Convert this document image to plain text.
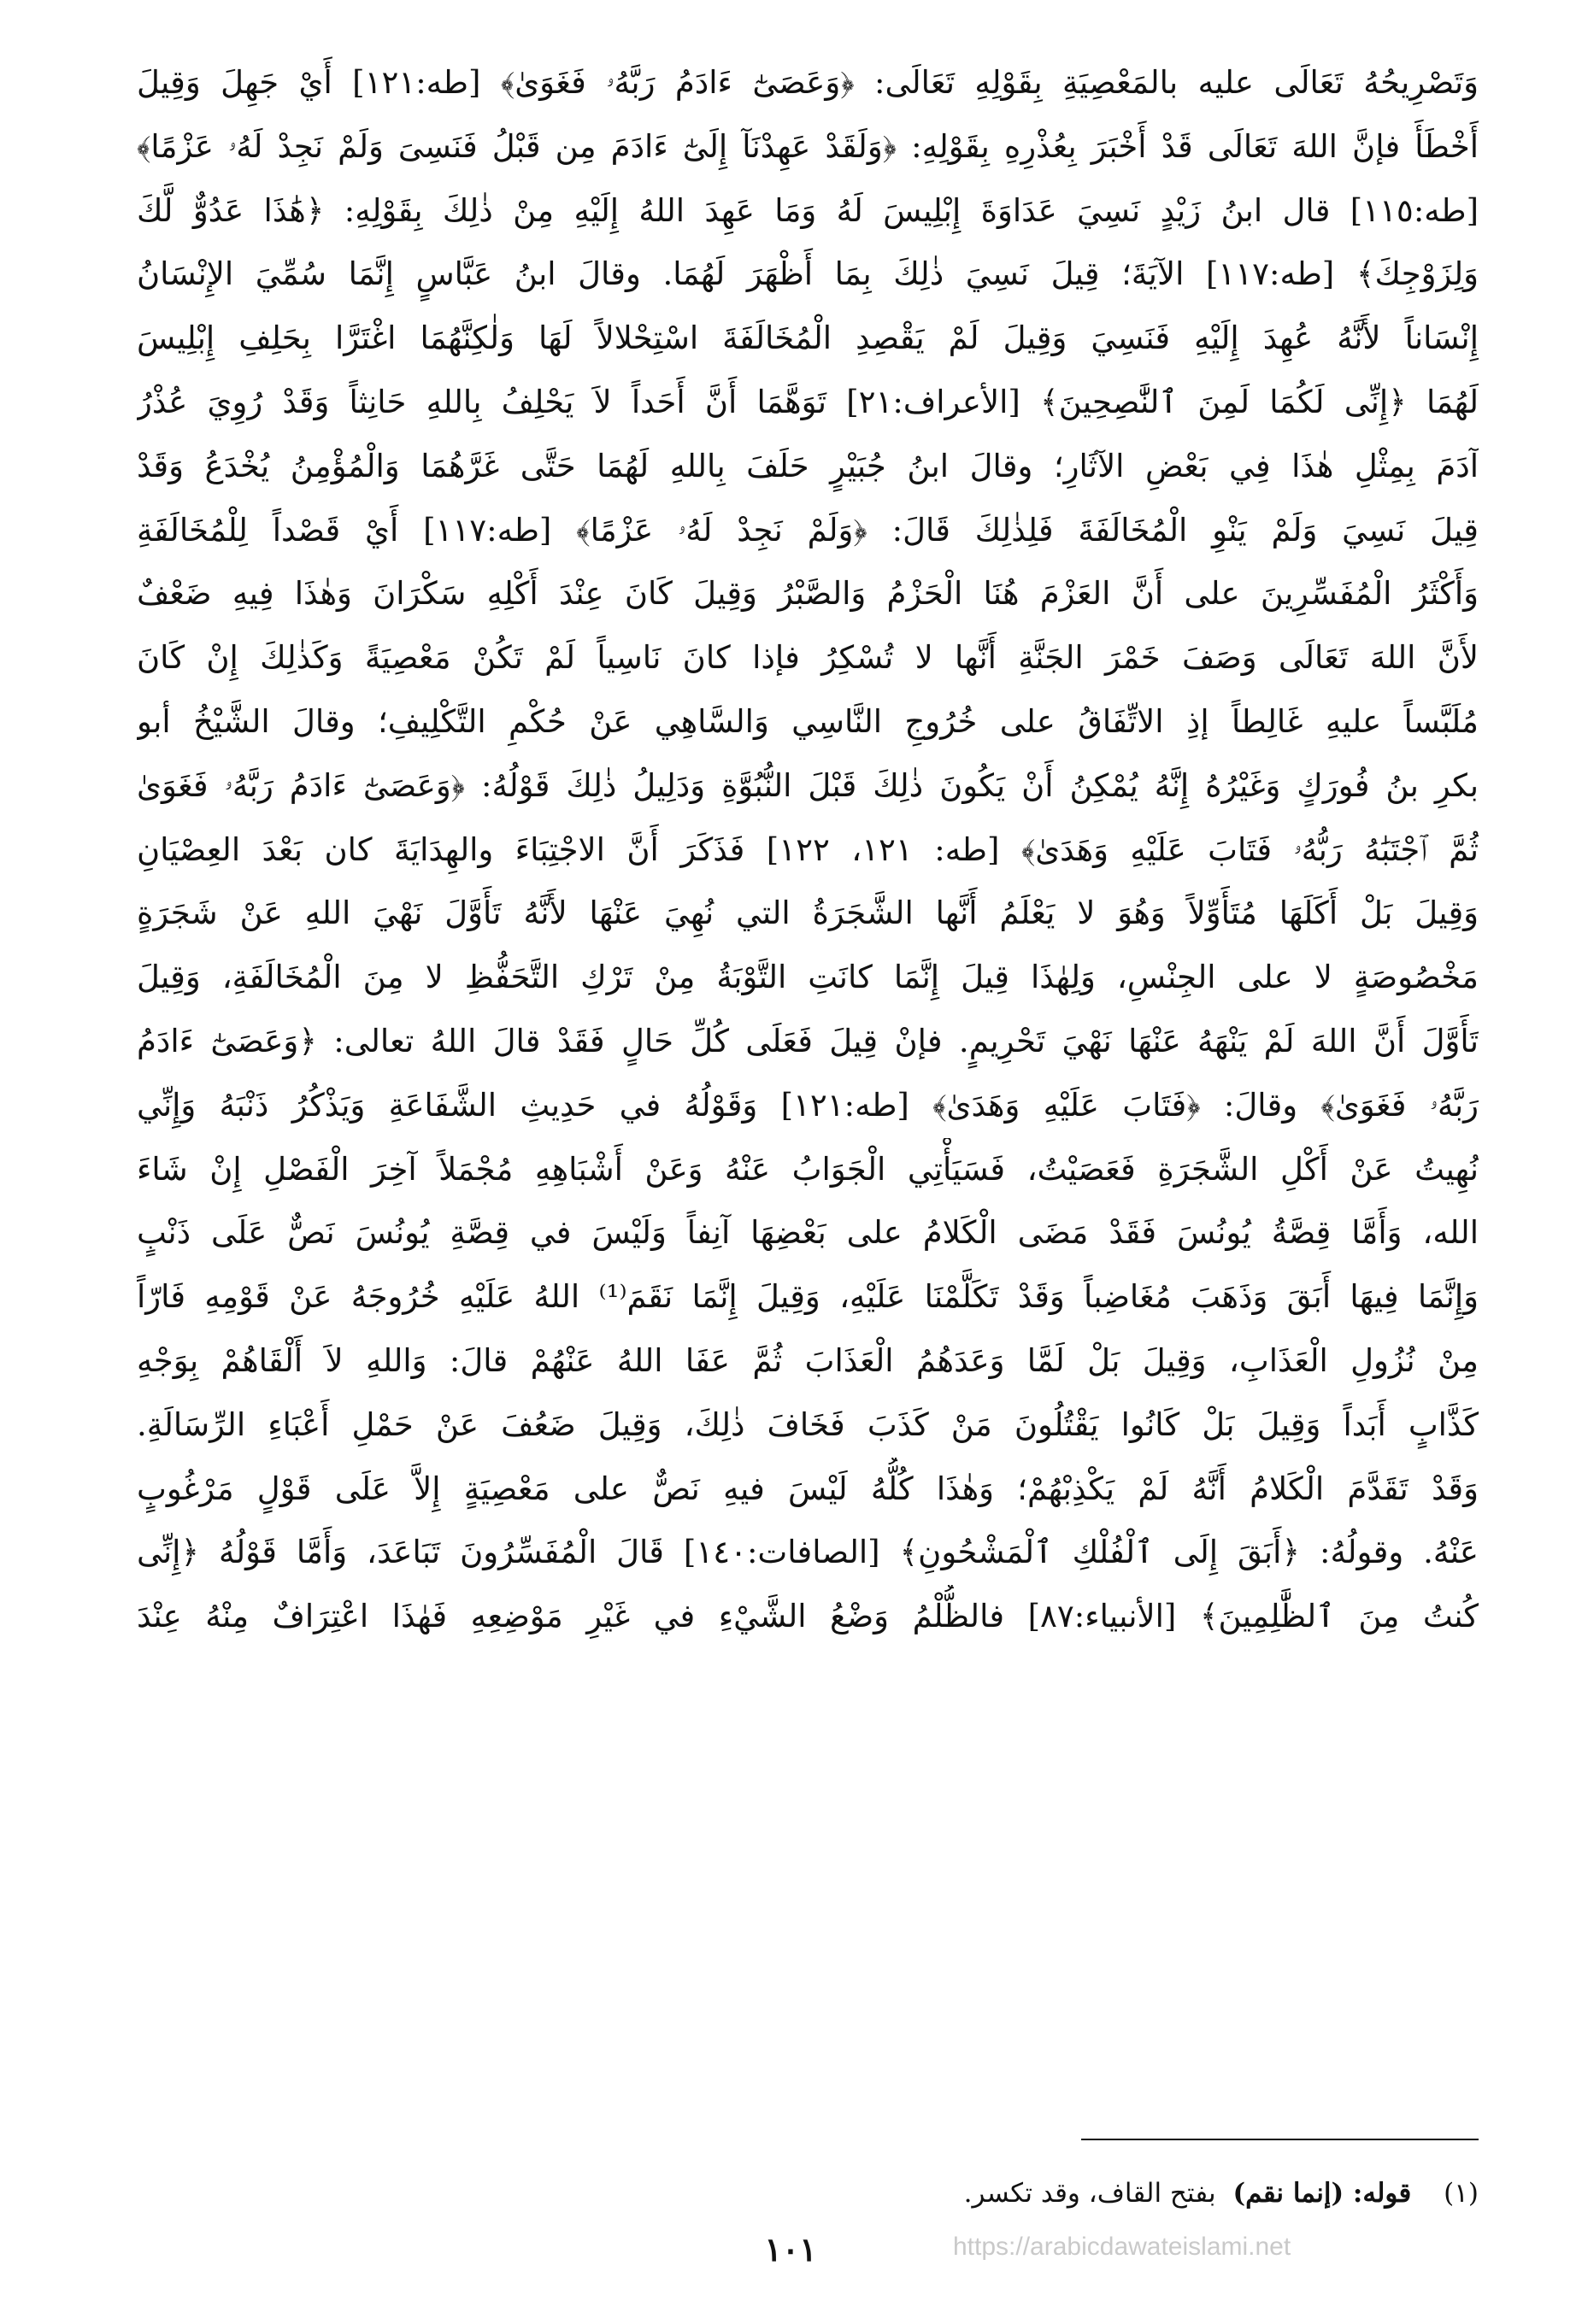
وَتَصْرِيحُهُ تَعَالَى عليه بالمَعْصِيَةِ بِقَوْلِهِ تَعَالَى: ﴿وَعَصَىٰٓ ءَادَمُ رَبَّهُۥ فَغَوَىٰ﴾ [طه:١٢١] أَيْ جَهِلَ وَقِيلَ
أَخْطَأَ فإنَّ اللهَ تَعَالَى قَدْ أَخْبَرَ بِعُذْرِهِ بِقَوْلِهِ: ﴿وَلَقَدْ عَهِدْنَآ إِلَىٰٓ ءَادَمَ مِن قَبْلُ فَنَسِىَ وَلَمْ نَجِدْ لَهُۥ عَزْمًا﴾
[طه:١١٥] قال ابنُ زَيْدٍ نَسِيَ عَدَاوَةَ إِبْلِيسَ لَهُ وَمَا عَهِدَ اللهُ إِلَيْهِ مِنْ ذٰلِكَ بِقَوْلِهِ: ﴿هَٰذَا عَدُوٌّ لَّكَ
وَلِزَوْجِكَ﴾ [طه:١١٧] الآيَةَ؛ قِيلَ نَسِيَ ذٰلِكَ بِمَا أَظْهَرَ لَهُمَا. وقالَ ابنُ عَبَّاسٍ إِنَّمَا سُمِّيَ الإِنْسَانُ
إِنْسَاناً لأَنَّهُ عُهِدَ إِلَيْهِ فَنَسِيَ وَقِيلَ لَمْ يَقْصِدِ الْمُخَالَفَةَ اسْتِحْلالاً لَهَا وَلٰكِنَّهُمَا اغْتَرَّا بِحَلِفِ إِبْلِيسَ
لَهُمَا ﴿إِنِّى لَكُمَا لَمِنَ ٱلنَّٰصِحِينَ﴾ [الأعراف:٢١] تَوَهَّمَا أَنَّ أَحَداً لاَ يَحْلِفُ بِاللهِ حَانِثاً وَقَدْ رُوِيَ عُذْرُ
آدَمَ بِمِثْلِ هٰذَا فِي بَعْضِ الآثَارِ؛ وقالَ ابنُ جُبَيْرٍ حَلَفَ بِاللهِ لَهُمَا حَتَّى غَرَّهُمَا وَالْمُؤْمِنُ يُخْدَعُ وَقَدْ
قِيلَ نَسِيَ وَلَمْ يَنْوِ الْمُخَالَفَةَ فَلِذٰلِكَ قَالَ: ﴿وَلَمْ نَجِدْ لَهُۥ عَزْمًا﴾ [طه:١١٧] أَيْ قَصْداً لِلْمُخَالَفَةِ
وَأَكْثَرُ الْمُفَسِّرِينَ على أَنَّ العَزْمَ هُنَا الْحَزْمُ وَالصَّبْرُ وَقِيلَ كَانَ عِنْدَ أَكْلِهِ سَكْرَانَ وَهٰذَا فِيهِ ضَعْفٌ
لأَنَّ اللهَ تَعَالَى وَصَفَ خَمْرَ الجَنَّةِ أَنَّها لا تُسْكِرُ فإذا كانَ نَاسِياً لَمْ تَكُنْ مَعْصِيَةً وَكَذٰلِكَ إِنْ كَانَ
مُلَبَّساً عليهِ غَالِطاً إذِ الاتِّفَاقُ على خُرُوجِ النَّاسِي وَالسَّاهِي عَنْ حُكْمِ التَّكْلِيفِ؛ وقالَ الشَّيْخُ أبو
بكرِ بنُ فُورَكٍ وَغَيْرُهُ إِنَّهُ يُمْكِنُ أَنْ يَكُونَ ذٰلِكَ قَبْلَ النُّبُوَّةِ وَدَلِيلُ ذٰلِكَ قَوْلُهُ: ﴿وَعَصَىٰٓ ءَادَمُ رَبَّهُۥ فَغَوَىٰ
ثُمَّ ٱجْتَبَٰهُ رَبُّهُۥ فَتَابَ عَلَيْهِ وَهَدَىٰ﴾ [طه: ١٢١، ١٢٢] فَذَكَرَ أَنَّ الاجْتِبَاءَ والهِدَايَةَ كان بَعْدَ العِصْيَانِ
وَقِيلَ بَلْ أَكَلَهَا مُتَأَوِّلاً وَهُوَ لا يَعْلَمُ أَنَّها الشَّجَرَةُ التي نُهِيَ عَنْهَا لأَنَّهُ تَأَوَّلَ نَهْيَ اللهِ عَنْ شَجَرَةٍ
مَخْصُوصَةٍ لا على الجِنْسِ، وَلِهٰذَا قِيلَ إِنَّمَا كانَتِ التَّوْبَةُ مِنْ تَرْكِ التَّحَفُّظِ لا مِنَ الْمُخَالَفَةِ، وَقِيلَ
تَأَوَّلَ أَنَّ اللهَ لَمْ يَنْهَهُ عَنْهَا نَهْيَ تَحْرِيمٍ. فإنْ قِيلَ فَعَلَى كُلِّ حَالٍ فَقَدْ قالَ اللهُ تعالى: ﴿وَعَصَىٰٓ ءَادَمُ
رَبَّهُۥ فَغَوَىٰ﴾ وقالَ: ﴿فَتَابَ عَلَيْهِ وَهَدَىٰ﴾ [طه:١٢١] وَقَوْلُهُ في حَدِيثِ الشَّفَاعَةِ وَيَذْكُرُ ذَنْبَهُ وَإِنِّي
نُهِيتُ عَنْ أَكْلِ الشَّجَرَةِ فَعَصَيْتُ، فَسَيَأْتِي الْجَوَابُ عَنْهُ وَعَنْ أَشْبَاهِهِ مُجْمَلاً آخِرَ الْفَصْلِ إِنْ شَاءَ
الله، وَأَمَّا قِصَّةُ يُونُسَ فَقَدْ مَضَى الْكَلامُ على بَعْضِهَا آنِفاً وَلَيْسَ في قِصَّةِ يُونُسَ نَصٌّ عَلَى ذَنْبٍ
وَإِنَّمَا فِيهَا أَبَقَ وَذَهَبَ مُغَاضِباً وَقَدْ تَكَلَّمْنَا عَلَيْهِ، وَقِيلَ إِنَّمَا نَقَمَ⁽¹⁾ اللهُ عَلَيْهِ خُرُوجَهُ عَنْ قَوْمِهِ فَارّاً
مِنْ نُزُولِ الْعَذَابِ، وَقِيلَ بَلْ لَمَّا وَعَدَهُمُ الْعَذَابَ ثُمَّ عَفَا اللهُ عَنْهُمْ قالَ: وَاللهِ لاَ أَلْقَاهُمْ بِوَجْهِ
كَذَّابٍ أَبَداً وَقِيلَ بَلْ كَانُوا يَقْتُلُونَ مَنْ كَذَبَ فَخَافَ ذٰلِكَ، وَقِيلَ ضَعُفَ عَنْ حَمْلِ أَعْبَاءِ الرِّسَالَةِ.
وَقَدْ تَقَدَّمَ الْكَلامُ أَنَّهُ لَمْ يَكْذِبْهُمْ؛ وَهٰذَا كُلُّهُ لَيْسَ فيهِ نَصٌّ على مَعْصِيَةٍ إِلاَّ عَلَى قَوْلٍ مَرْغُوبٍ
عَنْهُ. وقولُهُ: ﴿أَبَقَ إِلَى ٱلْفُلْكِ ٱلْمَشْحُونِ﴾ [الصافات:١٤٠] قَالَ الْمُفَسِّرُونَ تَبَاعَدَ، وَأَمَّا قَوْلُهُ ﴿إِنِّى
كُنتُ مِنَ ٱلظَّٰلِمِينَ﴾ [الأنبياء:٨٧] فالظُّلْمُ وَضْعُ الشَّيْءِ في غَيْرِ مَوْضِعِهِ فَهٰذَا اعْتِرَافٌ مِنْهُ عِنْدَ
(١) قوله: (إنما نقم) بفتح القاف، وقد تكسر.
١٠١	https://arabicdawateislami.net
